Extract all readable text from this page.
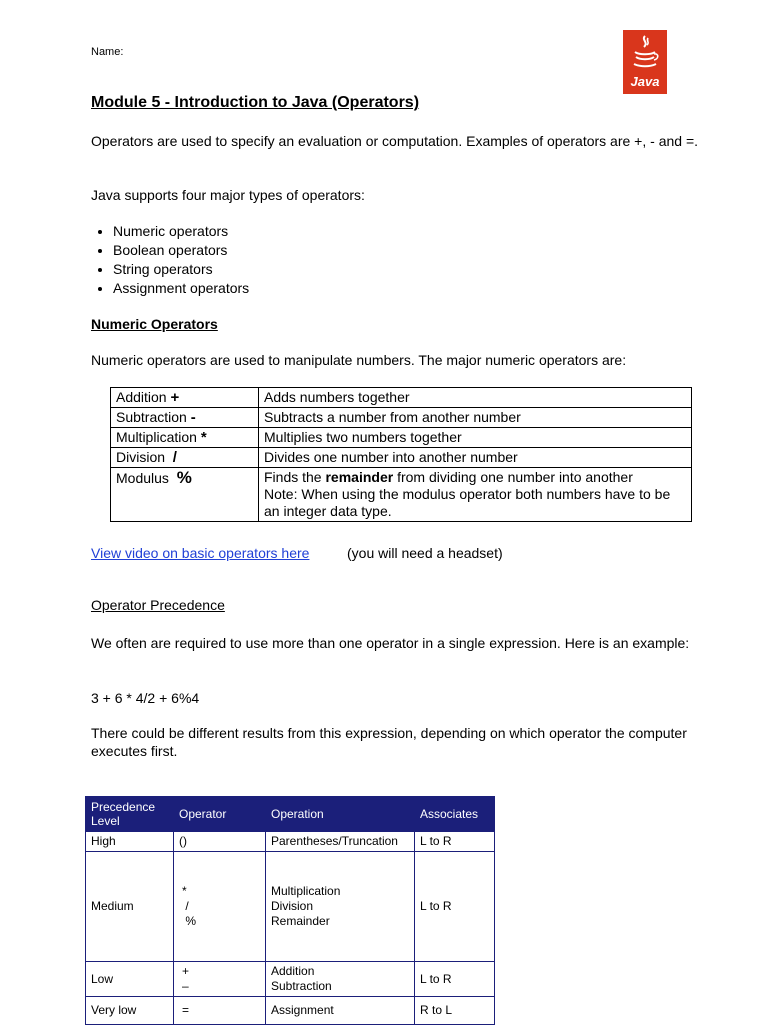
Name:
Java
Module 5 - Introduction to Java (Operators)
Operators are used to specify an evaluation or computation. Examples of operators are +, - and =.
Java supports four major types of operators:
• Numeric operators
• Boolean operators
• String operators
• Assignment operators
Numeric Operators
Numeric operators are used to manipulate numbers. The major numeric operators are:
Addition +	Adds numbers together
Subtraction -	Subtracts a number from another number
Multiplication *	Multiplies two numbers together
Division /	Divides one number into another number
Modulus %	Finds the remainder from dividing one number into another
Note: When using the modulus operator both numbers have to be an integer data type.
View video on basic operators here	(you will need a headset)
Operator Precedence
We often are required to use more than one operator in a single expression. Here is an example:
3 + 6 * 4/2 + 6%4
There could be different results from this expression, depending on which operator the computer executes first.
Precedence Level	Operator	Operation	Associates
High	()	Parentheses/Truncation	L to R
Medium	*
/
%	Multiplication
Division
Remainder	L to R
Low	+
–	Addition
Subtraction	L to R
Very low	=	Assignment	R to L
